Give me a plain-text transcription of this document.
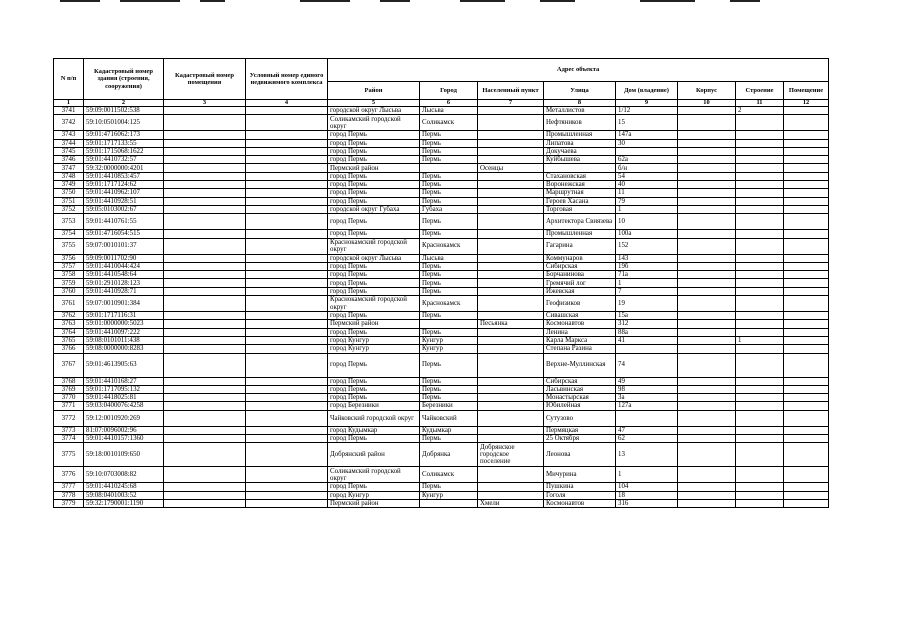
N п/п	Кадастровый номер здания (строения, сооружения)	Кадастровый номер помещения	Условный номер единого недвижимого комплекса	Адрес объекта							
				Район	Город	Населенный пункт	Улица	Дом (владение)	Корпус	Строение	Помещение
1	2	3	4	5	6	7	8	9	10	11	12
3741	59:09:0011502:538			городской округ Лысьва	Лысьва		Металлистов	1/12		2	
3742	59:10:0501004:125			Соликамский городской округ	Соликамск		Нефтяников	15			
3743	59:01:4716062:173			город Пермь	Пермь		Промышленная	147а			
3744	59:01:1717133:55			город Пермь	Пермь		Липатова	30			
3745	59:01:1715068:1622			город Пермь	Пермь		Докучаева				
3746	59:01:4410732:57			город Пермь	Пермь		Куйбышева	62а			
3747	59:32:0000000:4201			Пермский район		Осенцы		б/н			
3748	59:01:4410853:457			город Пермь	Пермь		Стахановская	54			
3749	59:01:1717124:62			город Пермь	Пермь		Воронежская	40			
3750	59:01:4410962:107			город Пермь	Пермь		Маршрутная	11			
3751	59:01:4410928:51			город Пермь	Пермь		Героев Хасана	79			
3752	59:05:0103002:67			городской округ Губаха	Губаха		Торговая	1			
3753	59:01:4410761:55			город Пермь	Пермь		Архитектора Свиязева	10			
3754	59:01:4716054:515			город Пермь	Пермь		Промышленная	100а			
3755	59:07:0010101:37			Краснокамский городской округ	Краснокамск		Гагарина	152			
3756	59:09:0011702:90			городской округ Лысьва	Лысьва		Коммунаров	143			
3757	59:01:4410044:424			город Пермь	Пермь		Сибирская	19б			
3758	59:01:4410548:64			город Пермь	Пермь		Борчанинова	71а			
3759	59:01:2910128:123			город Пермь	Пермь		Гремячий лог	1			
3760	59:01:4410928:71			город Пермь	Пермь		Ижевская	7			
3761	59:07:0010901:384			Краснокамский городской округ	Краснокамск		Геофизиков	19			
3762	59:01:1717116:31			город Пермь	Пермь		Сивашская	15а			
3763	59:01:0000000:5023			Пермский район		Песьянка	Космонавтов	312			
3764	59:01:4410097:222			город Пермь	Пермь		Ленина	88а			
3765	59:08:0101011:438			город Кунгур	Кунгур		Карла Маркса	41		1	
3766	59:08:0000000:8283			город Кунгур	Кунгур		Степана Разина				
3767	59:01:4613905:63			город Пермь	Пермь		Верхне-Муллинская	74			
3768	59:01:4410168:27			город Пермь	Пермь		Сибирская	49			
3769	59:01:1717095:132			город Пермь	Пермь		Ласьвинская	98			
3770	59:01:4418025:81			город Пермь	Пермь		Монастырская	3а			
3771	59:03:0400076:4258			город Березники	Березники		Юбилейная	127а			
3772	59:12:0010920:269			Чайковский городской округ	Чайковский		Сутузово				
3773	81:07:0096002:96			город Кудымкар	Кудымкар		Пермяцкая	47			
3774	59:01:4410157:1360			город Пермь	Пермь		25 Октября	62			
3775	59:18:0010109:650			Добрянский район	Добрянка	Добрянское городское поселение	Леонова	13			
3776	59:10:0703008:82			Соликамский городской округ	Соликамск		Мичурина	1			
3777	59:01:4410245:68			город Пермь	Пермь		Пушкина	104			
3778	59:08:0401003:52			город Кунгур	Кунгур		Гоголя	18			
3779	59:32:1790001:1190			Пермский район		Хмели	Космонавтов	316			
